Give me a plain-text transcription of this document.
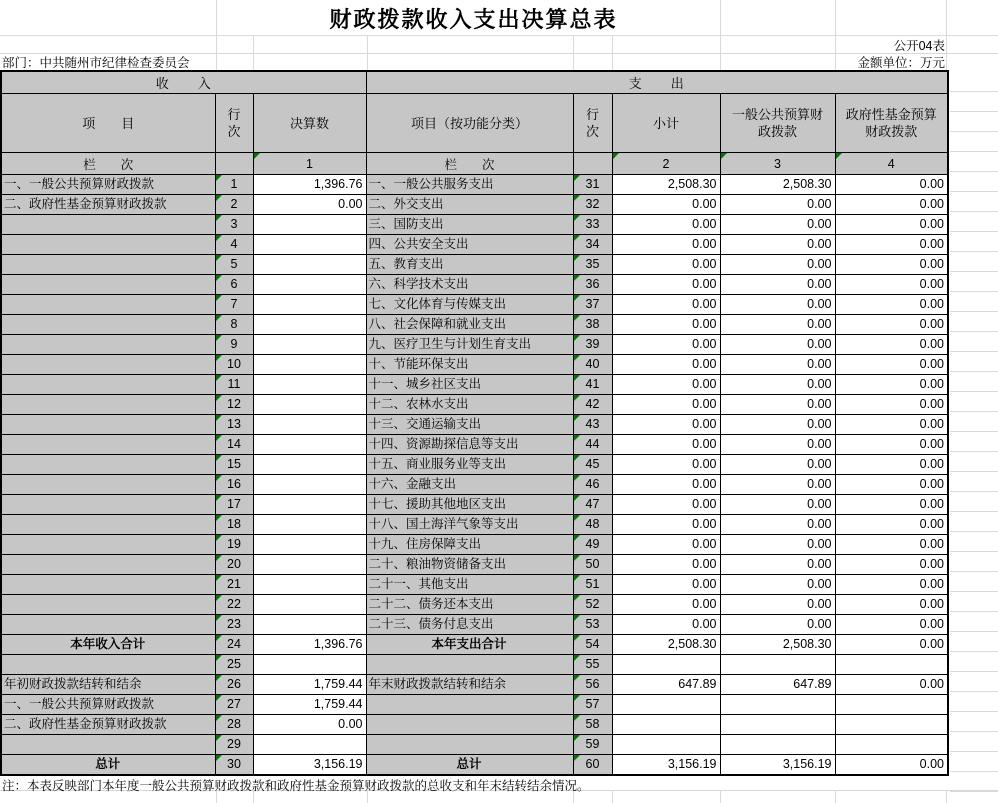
财政拨款收入支出决算总表
公开04表
部门：中共随州市纪律检查委员会	金额单位：万元
收　　入			支　　出				
项　　目	行次	决算数	项目（按功能分类）	行次	小计	一般公共预算财政拨款	政府性基金预算财政拨款
栏　　次		1	栏　　次		2	3	4
一、一般公共预算财政拨款	1	1,396.76	一、一般公共服务支出	31	2,508.30	2,508.30	0.00
二、政府性基金预算财政拨款	2	0.00	二、外交支出	32	0.00	0.00	0.00
	3		三、国防支出	33	0.00	0.00	0.00
	4		四、公共安全支出	34	0.00	0.00	0.00
	5		五、教育支出	35	0.00	0.00	0.00
	6		六、科学技术支出	36	0.00	0.00	0.00
	7		七、文化体育与传媒支出	37	0.00	0.00	0.00
	8		八、社会保障和就业支出	38	0.00	0.00	0.00
	9		九、医疗卫生与计划生育支出	39	0.00	0.00	0.00
	10		十、节能环保支出	40	0.00	0.00	0.00
	11		十一、城乡社区支出	41	0.00	0.00	0.00
	12		十二、农林水支出	42	0.00	0.00	0.00
	13		十三、交通运输支出	43	0.00	0.00	0.00
	14		十四、资源勘探信息等支出	44	0.00	0.00	0.00
	15		十五、商业服务业等支出	45	0.00	0.00	0.00
	16		十六、金融支出	46	0.00	0.00	0.00
	17		十七、援助其他地区支出	47	0.00	0.00	0.00
	18		十八、国土海洋气象等支出	48	0.00	0.00	0.00
	19		十九、住房保障支出	49	0.00	0.00	0.00
	20		二十、粮油物资储备支出	50	0.00	0.00	0.00
	21		二十一、其他支出	51	0.00	0.00	0.00
	22		二十二、债务还本支出	52	0.00	0.00	0.00
	23		二十三、债务付息支出	53	0.00	0.00	0.00
本年收入合计	24	1,396.76	本年支出合计	54	2,508.30	2,508.30	0.00
	25			55			
年初财政拨款结转和结余	26	1,759.44	年末财政拨款结转和结余	56	647.89	647.89	0.00
一、一般公共预算财政拨款	27	1,759.44		57			
二、政府性基金预算财政拨款	28	0.00		58			
	29			59			
总计	30	3,156.19	总计	60	3,156.19	3,156.19	0.00
注：本表反映部门本年度一般公共预算财政拨款和政府性基金预算财政拨款的总收支和年末结转结余情况。
